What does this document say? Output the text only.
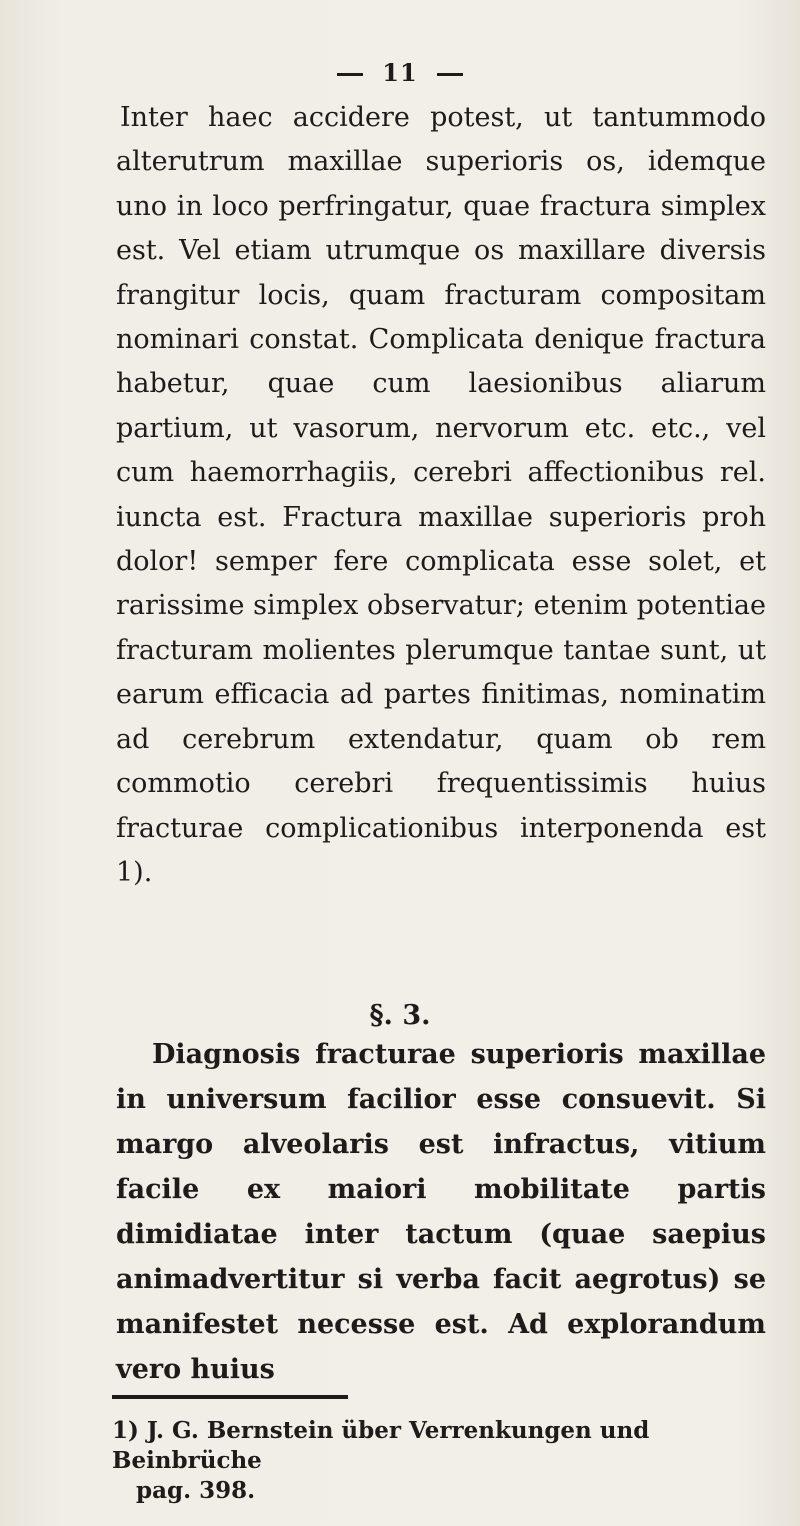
11

Inter haec accidere potest, ut tantummodo alterutrum maxillae superioris os, idemque uno in loco perfringatur, quae fractura simplex est. Vel etiam utrumque os maxillare diversis frangitur locis, quam fracturam compositam nominari constat. Complicata denique fractura habetur, quae cum laesionibus aliarum partium, ut vasorum, nervorum etc. etc., vel cum haemorrhagiis, cerebri affectionibus rel. iuncta est. Fractura maxillae superioris proh dolor! semper fere complicata esse solet, et rarissime simplex observatur; etenim potentiae fracturam molientes plerumque tantae sunt, ut earum efficacia ad partes finitimas, nominatim ad cerebrum extendatur, quam ob rem commotio cerebri frequentissimis huius fracturae complicationibus interponenda est 1).

§. 3.

Diagnosis fracturae superioris maxillae in universum facilior esse consuevit. Si margo alveolaris est infractus, vitium facile ex maiori mobilitate partis dimidiatae inter tactum (quae saepius animadvertitur si verba facit aegrotus) se manifestet necesse est. Ad explorandum vero huius

1) J. G. Bernstein über Verrenkungen und Beinbrüche
pag. 398.
